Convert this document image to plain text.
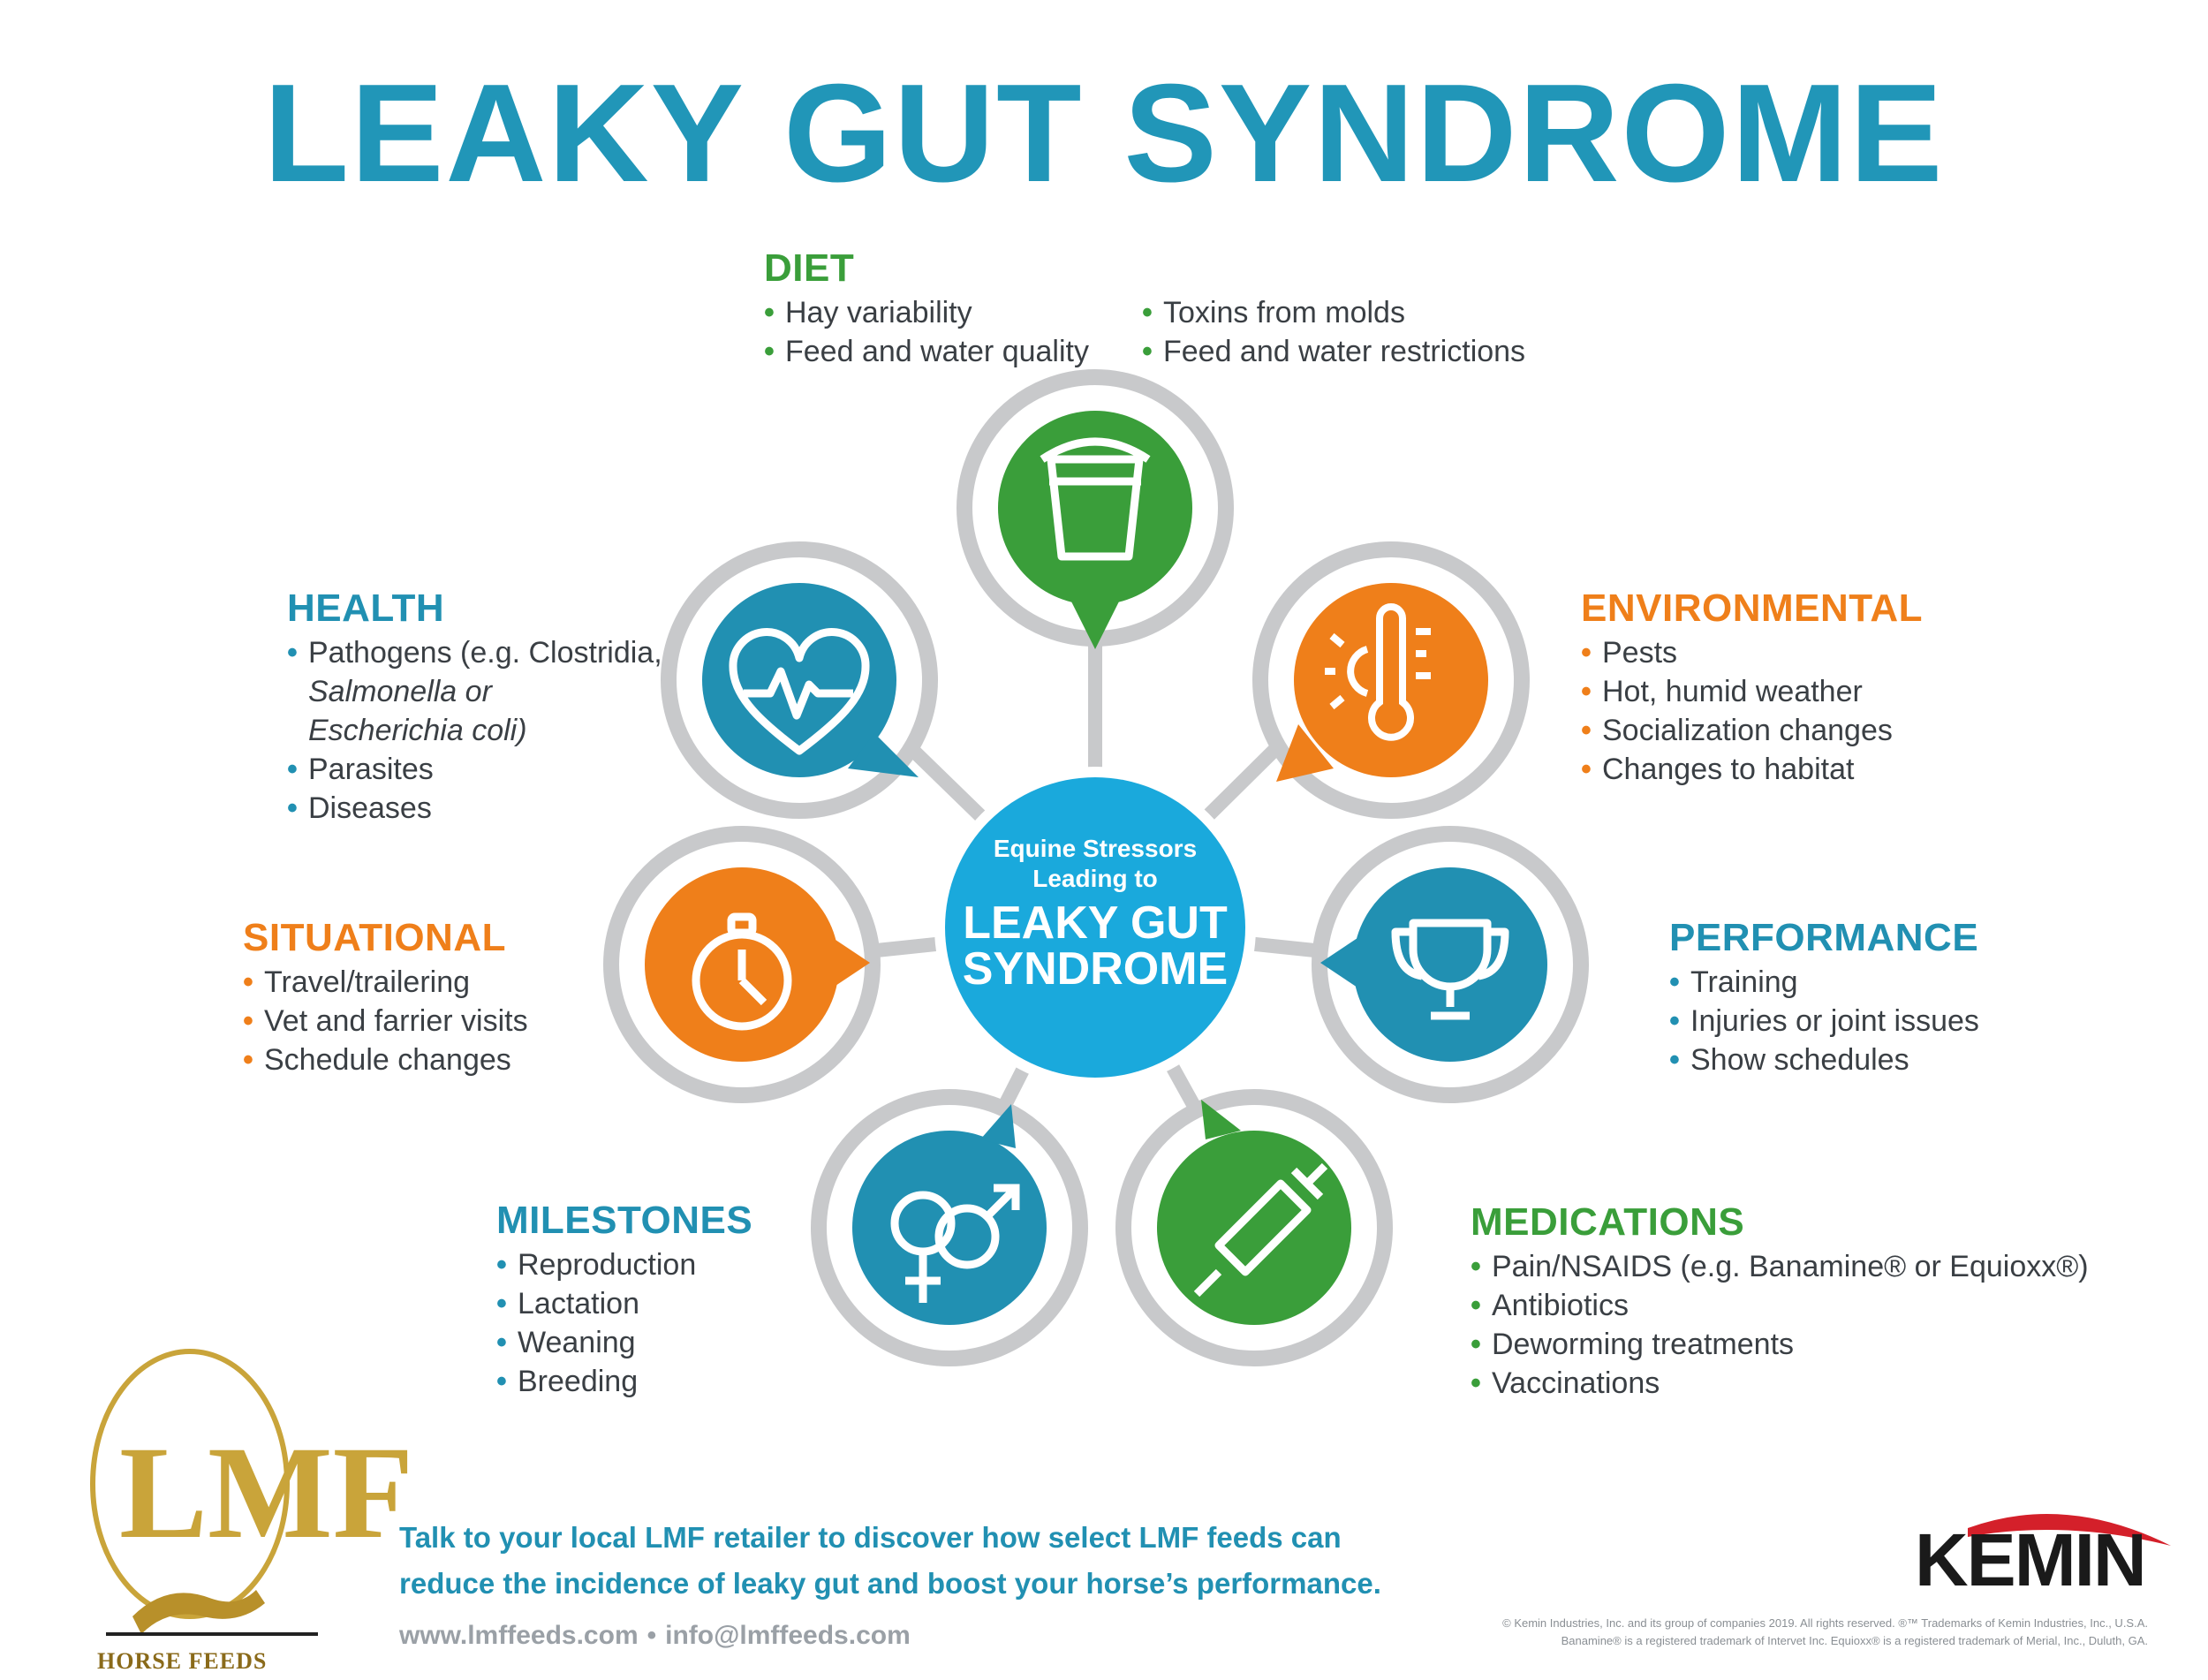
LEAKY GUT SYNDROME
Equine Stressors
Leading to
LEAKY GUT
SYNDROME
DIET
• Hay variability
• Feed and water quality
• Toxins from molds
• Feed and water restrictions
HEALTH
• Pathogens (e.g. Clostridia,
Salmonella or
Escherichia coli)
• Parasites
• Diseases
ENVIRONMENTAL
• Pests
• Hot, humid weather
• Socialization changes
• Changes to habitat
SITUATIONAL
• Travel/trailering
• Vet and farrier visits
• Schedule changes
PERFORMANCE
• Training
• Injuries or joint issues
• Show schedules
MILESTONES
• Reproduction
• Lactation
• Weaning
• Breeding
MEDICATIONS
• Pain/NSAIDS (e.g. Banamine® or Equioxx®)
• Antibiotics
• Deworming treatments
• Vaccinations
LMF
HORSE FEEDS
Talk to your local LMF retailer to discover how select LMF feeds can
reduce the incidence of leaky gut and boost your horse’s performance.
www.lmffeeds.com • info@lmffeeds.com
KEMIN
© Kemin Industries, Inc. and its group of companies 2019. All rights reserved. ®™ Trademarks of Kemin Industries, Inc., U.S.A.
Banamine® is a registered trademark of Intervet Inc. Equioxx® is a registered trademark of Merial, Inc., Duluth, GA.
